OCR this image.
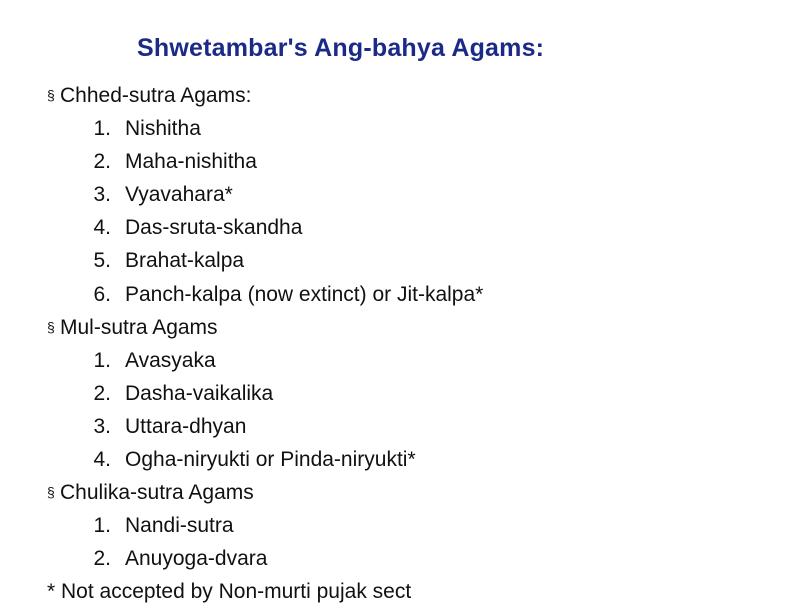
Shwetambar's Ang-bahya Agams:
§ Chhed-sutra Agams:
1. Nishitha
2. Maha-nishitha
3. Vyavahara*
4. Das-sruta-skandha
5. Brahat-kalpa
6. Panch-kalpa (now extinct) or Jit-kalpa*
§ Mul-sutra Agams
1. Avasyaka
2. Dasha-vaikalika
3. Uttara-dhyan
4. Ogha-niryukti or Pinda-niryukti*
§ Chulika-sutra Agams
1. Nandi-sutra
2. Anuyoga-dvara
* Not accepted by Non-murti pujak sect
